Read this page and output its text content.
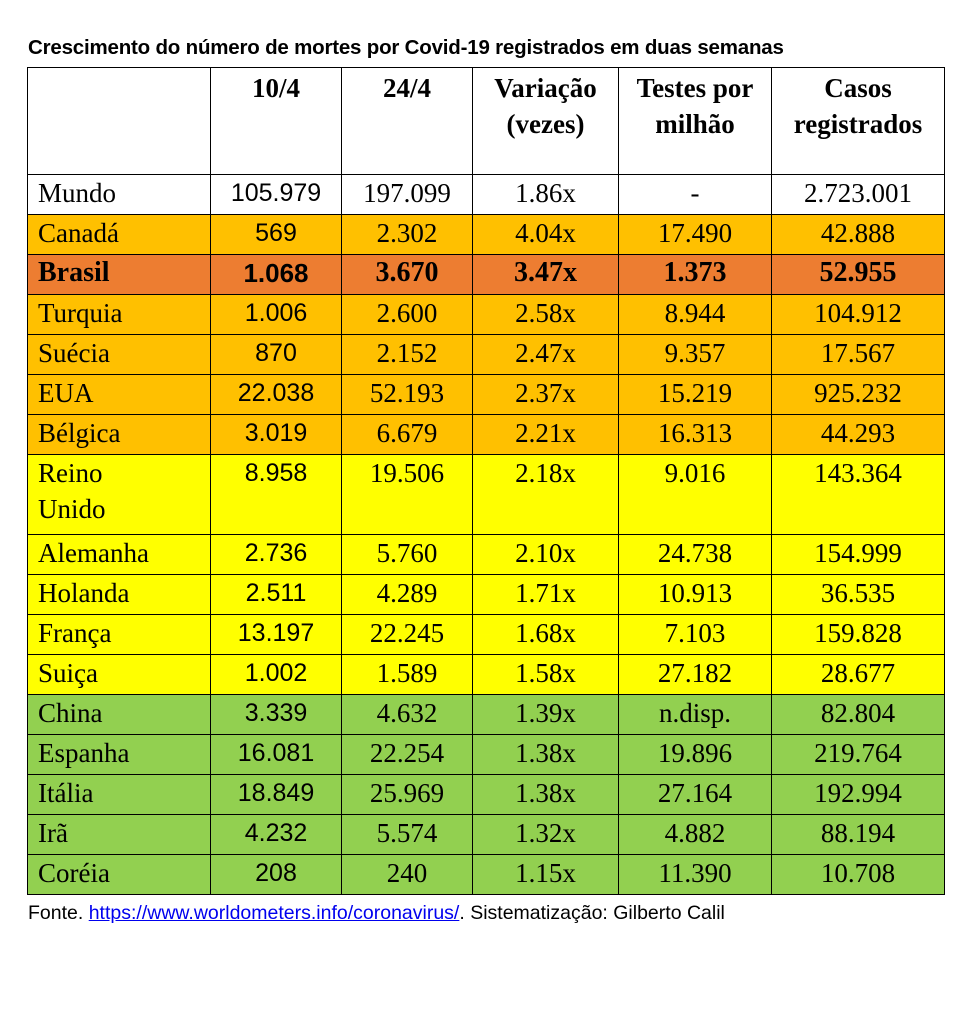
Crescimento do número de mortes por Covid-19 registrados em duas semanas
	10/4	24/4	Variação (vezes)	Testes por milhão	Casos registrados

Mundo	105.979	197.099	1.86x	-	2.723.001
Canadá	569	2.302	4.04x	17.490	42.888
Brasil	1.068	3.670	3.47x	1.373	52.955
Turquia	1.006	2.600	2.58x	8.944	104.912
Suécia	870	2.152	2.47x	9.357	17.567
EUA	22.038	52.193	2.37x	15.219	925.232
Bélgica	3.019	6.679	2.21x	16.313	44.293
Reino Unido	8.958	19.506	2.18x	9.016	143.364
Alemanha	2.736	5.760	2.10x	24.738	154.999
Holanda	2.511	4.289	1.71x	10.913	36.535
França	13.197	22.245	1.68x	7.103	159.828
Suiça	1.002	1.589	1.58x	27.182	28.677
China	3.339	4.632	1.39x	n.disp.	82.804
Espanha	16.081	22.254	1.38x	19.896	219.764
Itália	18.849	25.969	1.38x	27.164	192.994
Irã	4.232	5.574	1.32x	4.882	88.194
Coréia	208	240	1.15x	11.390	10.708
Fonte. https://www.worldometers.info/coronavirus/. Sistematização: Gilberto Calil
